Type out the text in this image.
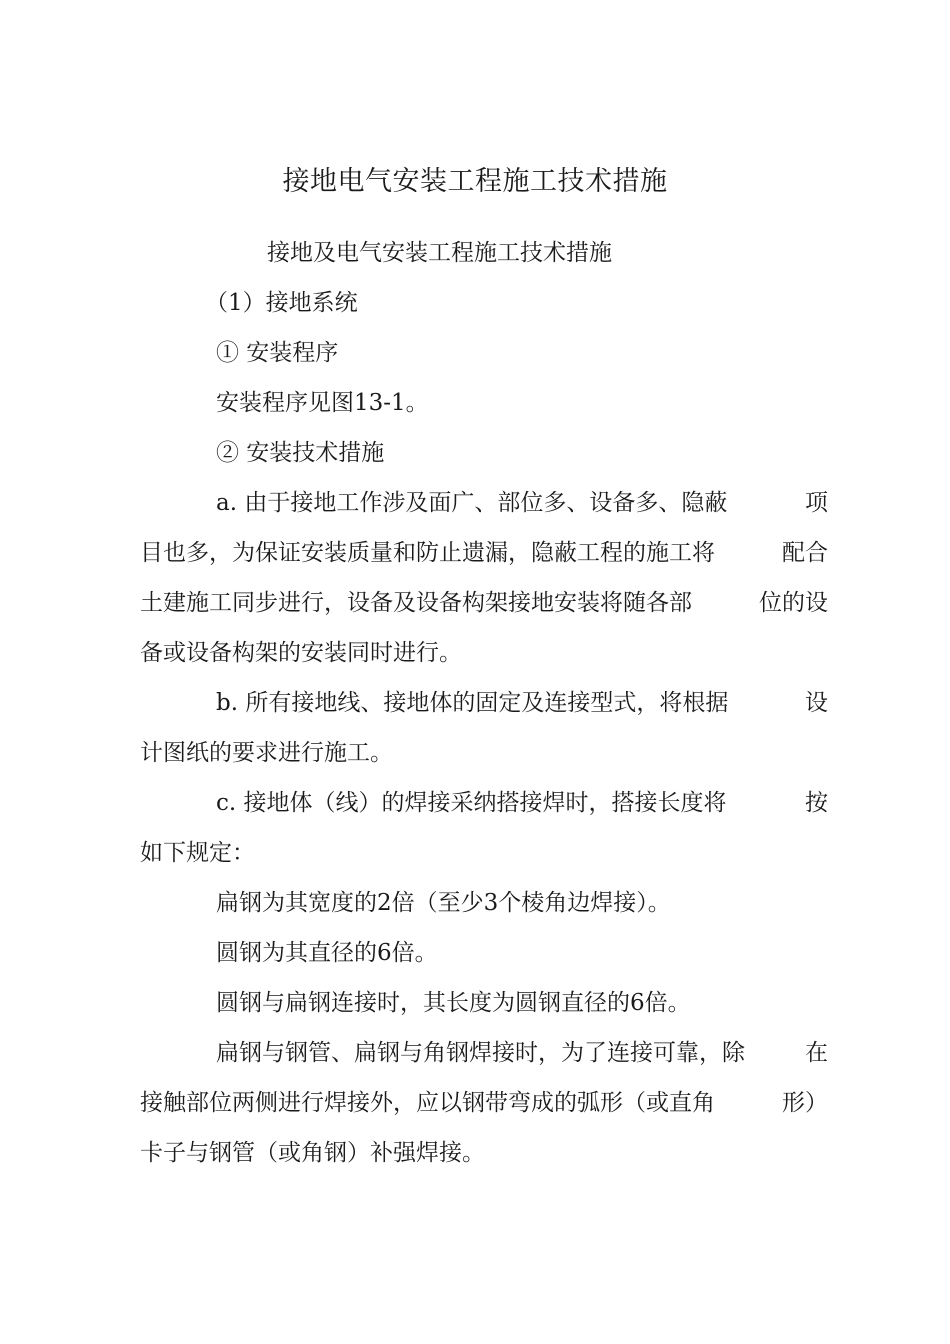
接地电气安装工程施工技术措施
接地及电气安装工程施工技术措施
（1）接地系统
① 安装程序
安装程序见图13-1。
② 安装技术措施
a. 由于接地工作涉及面广、部位多、设备多、隐蔽	项
目也多，为保证安装质量和防止遗漏，隐蔽工程的施工将	配合
土建施工同步进行，设备及设备构架接地安装将随各部	位的设
备或设备构架的安装同时进行。
b. 所有接地线、接地体的固定及连接型式，将根据	设
计图纸的要求进行施工。
c. 接地体（线）的焊接采纳搭接焊时，搭接长度将	按
如下规定：
扁钢为其宽度的2倍（至少3个棱角边焊接）。
圆钢为其直径的6倍。
圆钢与扁钢连接时，其长度为圆钢直径的6倍。
扁钢与钢管、扁钢与角钢焊接时，为了连接可靠，除	在
接触部位两侧进行焊接外，应以钢带弯成的弧形（或直角	形）
卡子与钢管（或角钢）补强焊接。
